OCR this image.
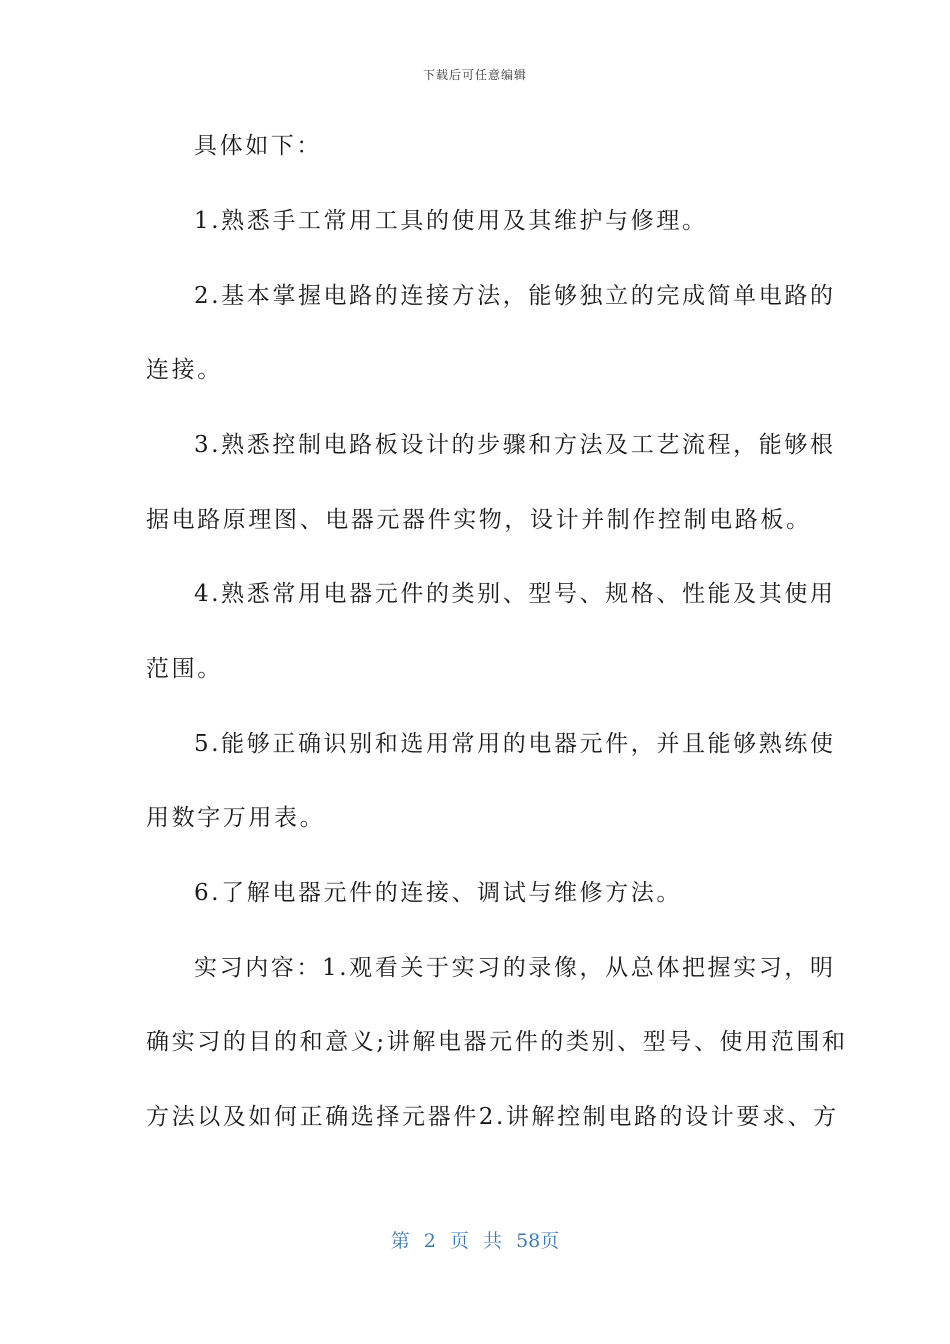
下载后可任意编辑
具体如下：
1.熟悉手工常用工具的使用及其维护与修理。
2.基本掌握电路的连接方法，能够独立的完成简单电路的
连接。
3.熟悉控制电路板设计的步骤和方法及工艺流程，能够根
据电路原理图、电器元器件实物，设计并制作控制电路板。
4.熟悉常用电器元件的类别、型号、规格、性能及其使用
范围。
5.能够正确识别和选用常用的电器元件，并且能够熟练使
用数字万用表。
6.了解电器元件的连接、调试与维修方法。
实习内容：1.观看关于实习的录像，从总体把握实习，明
确实习的目的和意义;讲解电器元件的类别、型号、使用范围和
方法以及如何正确选择元器件2.讲解控制电路的设计要求、方
第 2 页 共 58页
